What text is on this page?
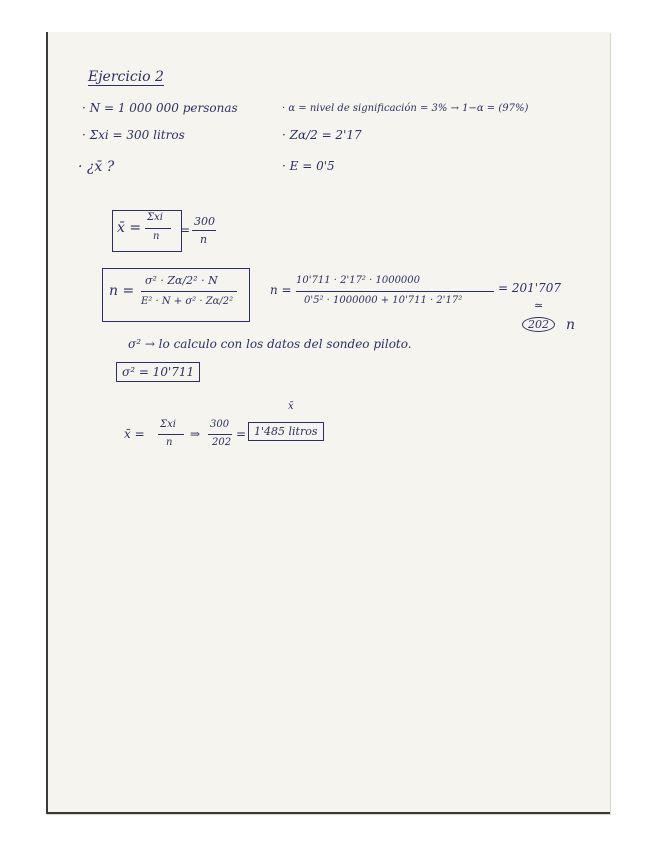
Ejercicio 2
· N = 1 000 000 personas
· Σxi = 300 litros
· ¿x̄ ?
· α = nivel de significación = 3% → 1−α = (97%)
· Zα/2 = 2'17
· E = 0'5
x̄ =
Σxi
n =
300
n
n =
σ² · Zα/2² · N
E² · N + σ² · Zα/2²
n =
10'711 · 2'17² · 1000000
0'5² · 1000000 + 10'711 · 2'17²
= 201'707
≃
202	n
σ² → lo calculo con los datos del sondeo piloto.
σ² = 10'711
x̄
x̄ =
Σxi
n
⇒
300
202
= 1'485 litros
